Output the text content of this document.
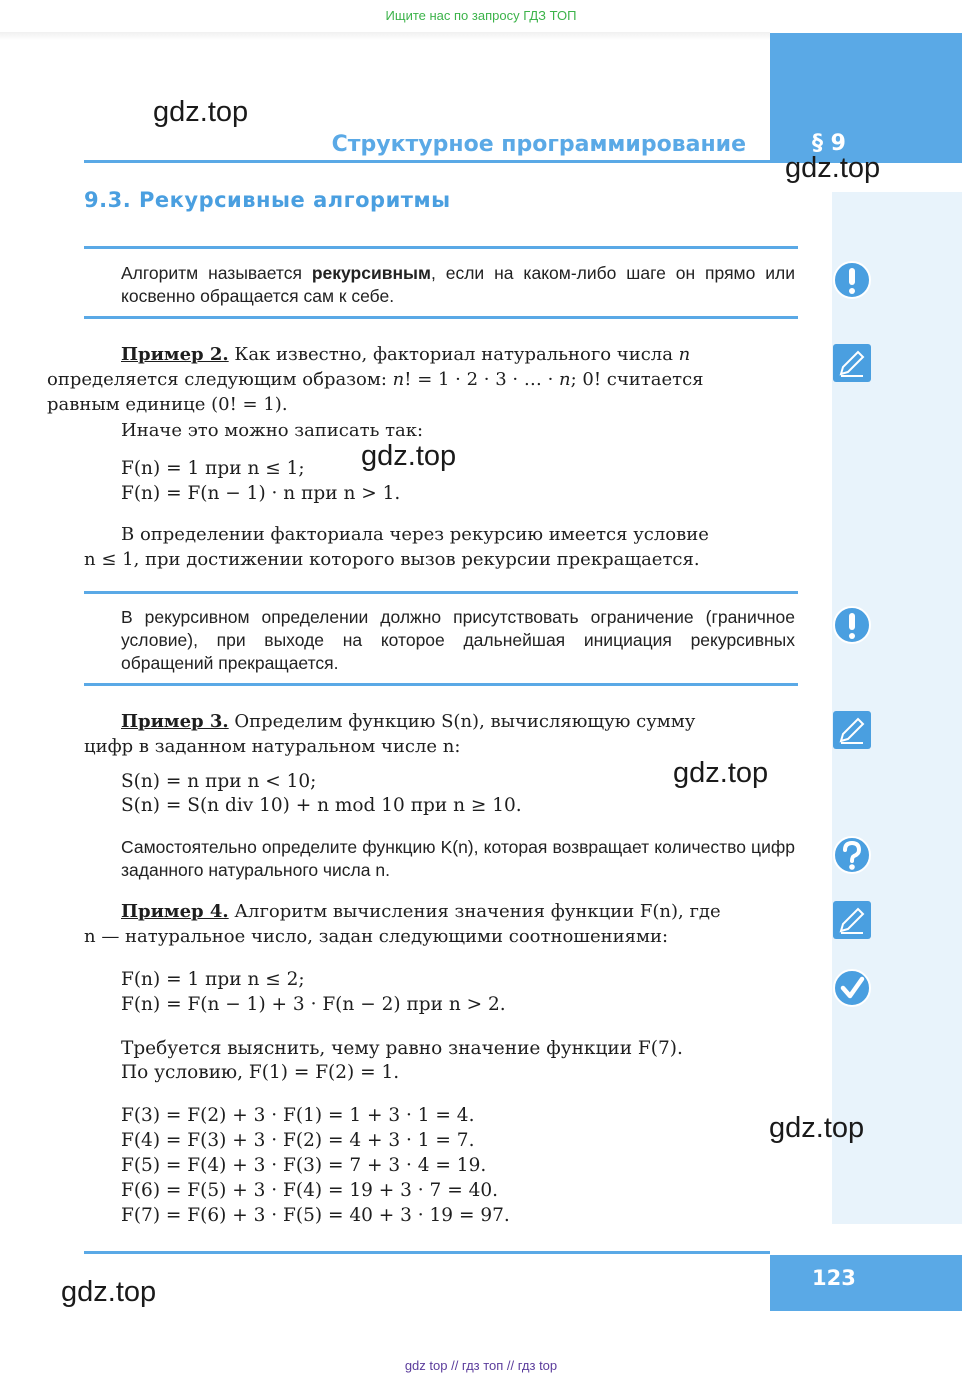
Ищите нас по запросу ГДЗ ТОП
Структурное программирование	§ 9
gdz.top
gdz.top
9.3. Рекурсивные алгоритмы
Алгоритм называется рекурсивным, если на каком-либо шаге он прямо или косвенно обращается сам к себе.
Пример 2. Как известно, факториал натурального числа n
определяется следующим образом: n! = 1 · 2 · 3 · … · n; 0! считается
равным единице (0! = 1).
Иначе это можно записать так:
F(n) = 1 при n ≤ 1;
F(n) = F(n − 1) · n при n > 1.
gdz.top
В определении факториала через рекурсию имеется условие
n ≤ 1, при достижении которого вызов рекурсии прекращается.
В рекурсивном определении должно присутствовать ограничение (граничное условие), при выходе на которое дальнейшая инициация рекурсивных обращений прекращается.
Пример 3. Определим функцию S(n), вычисляющую сумму
цифр в заданном натуральном числе n:
S(n) = n при n < 10;
S(n) = S(n div 10) + n mod 10 при n ≥ 10.
gdz.top
Самостоятельно определите функцию K(n), которая возвращает количество цифр заданного натурального числа n.
Пример 4. Алгоритм вычисления значения функции F(n), где
n — натуральное число, задан следующими соотношениями:
F(n) = 1 при n ≤ 2;
F(n) = F(n − 1) + 3 · F(n − 2) при n > 2.
Требуется выяснить, чему равно значение функции F(7).
По условию, F(1) = F(2) = 1.
F(3) = F(2) + 3 · F(1) = 1 + 3 · 1 = 4.
F(4) = F(3) + 3 · F(2) = 4 + 3 · 1 = 7.
F(5) = F(4) + 3 · F(3) = 7 + 3 · 4 = 19.
F(6) = F(5) + 3 · F(4) = 19 + 3 · 7 = 40.
F(7) = F(6) + 3 · F(5) = 40 + 3 · 19 = 97.
gdz.top
123
gdz.top
gdz top // гдз топ // гдз top
